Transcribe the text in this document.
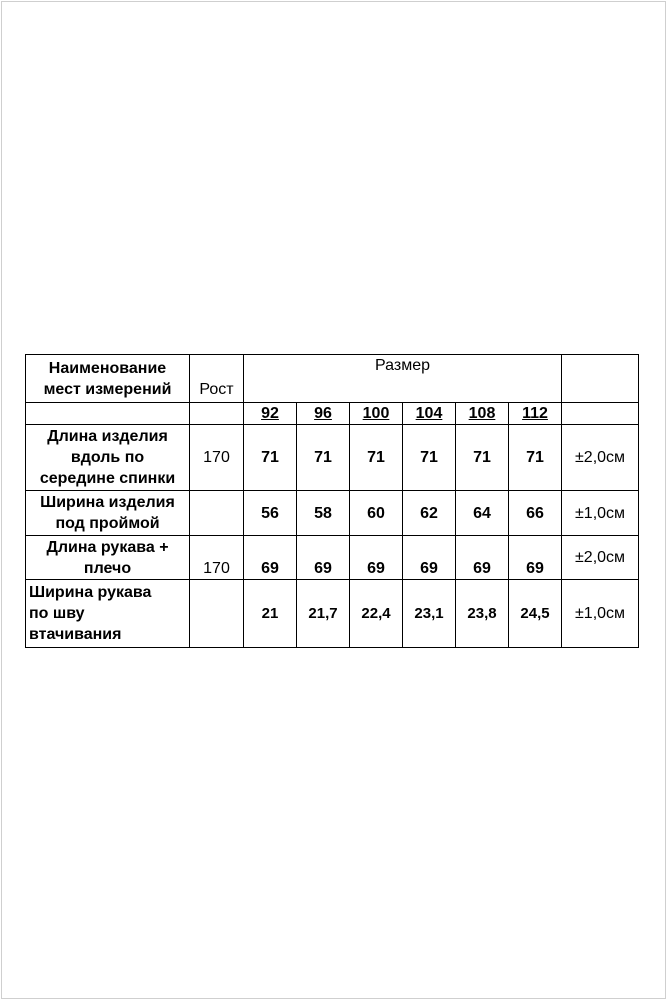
Наименование
мест измерений	Рост	Размер						

		92	96	100	104	108	112	

Длина изделия
вдоль по
середине спинки	170	71	71	71	71	71	71	±2,0см

Ширина изделия
под проймой		56	58	60	62	64	66	±1,0см

Длина рукава +
плечо	170	69	69	69	69	69	69	±2,0см

Ширина рукава
по шву
втачивания		21	21,7	22,4	23,1	23,8	24,5	±1,0см
